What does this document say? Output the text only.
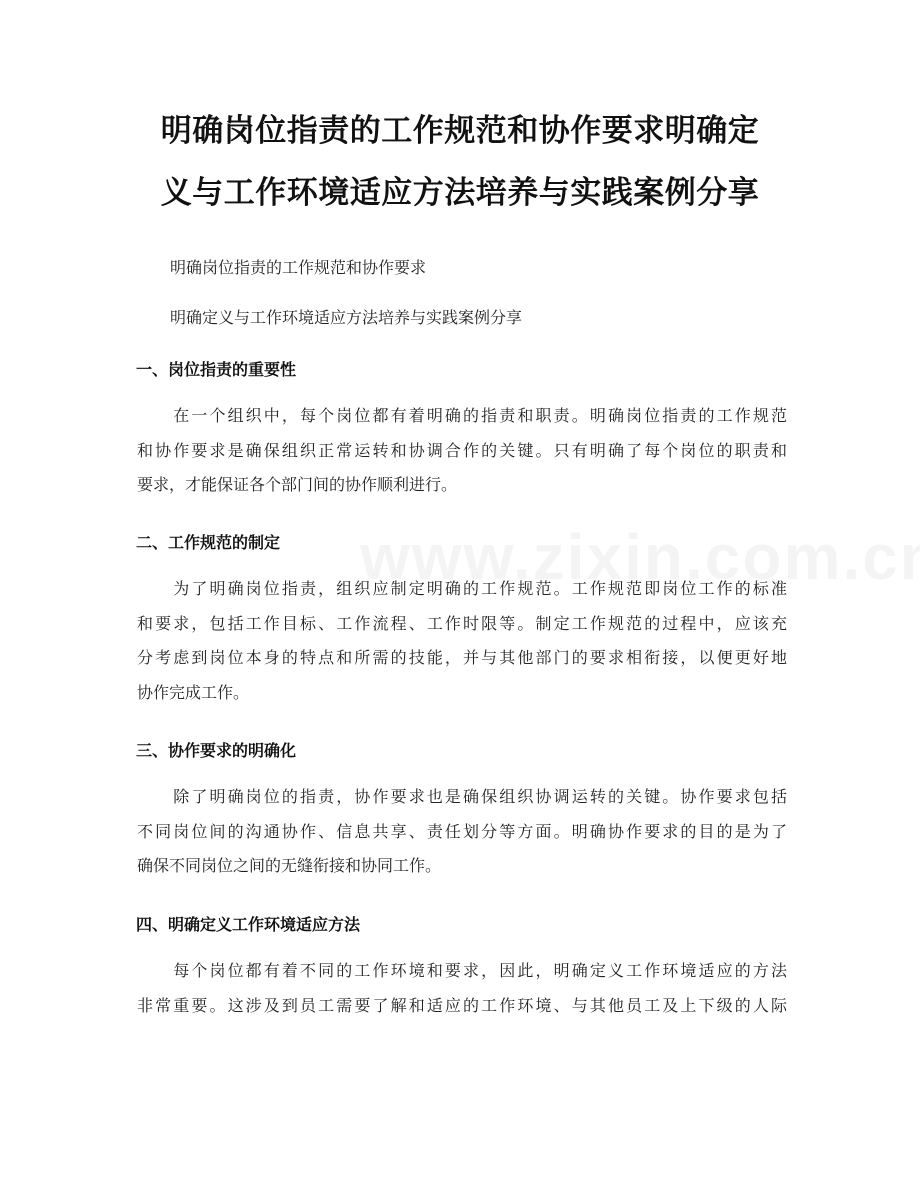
明确岗位指责的工作规范和协作要求明确定
义与工作环境适应方法培养与实践案例分享
明确岗位指责的工作规范和协作要求
明确定义与工作环境适应方法培养与实践案例分享
一、岗位指责的重要性
　　在一个组织中，每个岗位都有着明确的指责和职责。明确岗位指责的工作规范
和协作要求是确保组织正常运转和协调合作的关键。只有明确了每个岗位的职责和
要求，才能保证各个部门间的协作顺利进行。
二、工作规范的制定
　　为了明确岗位指责，组织应制定明确的工作规范。工作规范即岗位工作的标准
和要求，包括工作目标、工作流程、工作时限等。制定工作规范的过程中，应该充
分考虑到岗位本身的特点和所需的技能，并与其他部门的要求相衔接，以便更好地
协作完成工作。
三、协作要求的明确化
　　除了明确岗位的指责，协作要求也是确保组织协调运转的关键。协作要求包括
不同岗位间的沟通协作、信息共享、责任划分等方面。明确协作要求的目的是为了
确保不同岗位之间的无缝衔接和协同工作。
四、明确定义工作环境适应方法
　　每个岗位都有着不同的工作环境和要求，因此，明确定义工作环境适应的方法
非常重要。这涉及到员工需要了解和适应的工作环境、与其他员工及上下级的人际
